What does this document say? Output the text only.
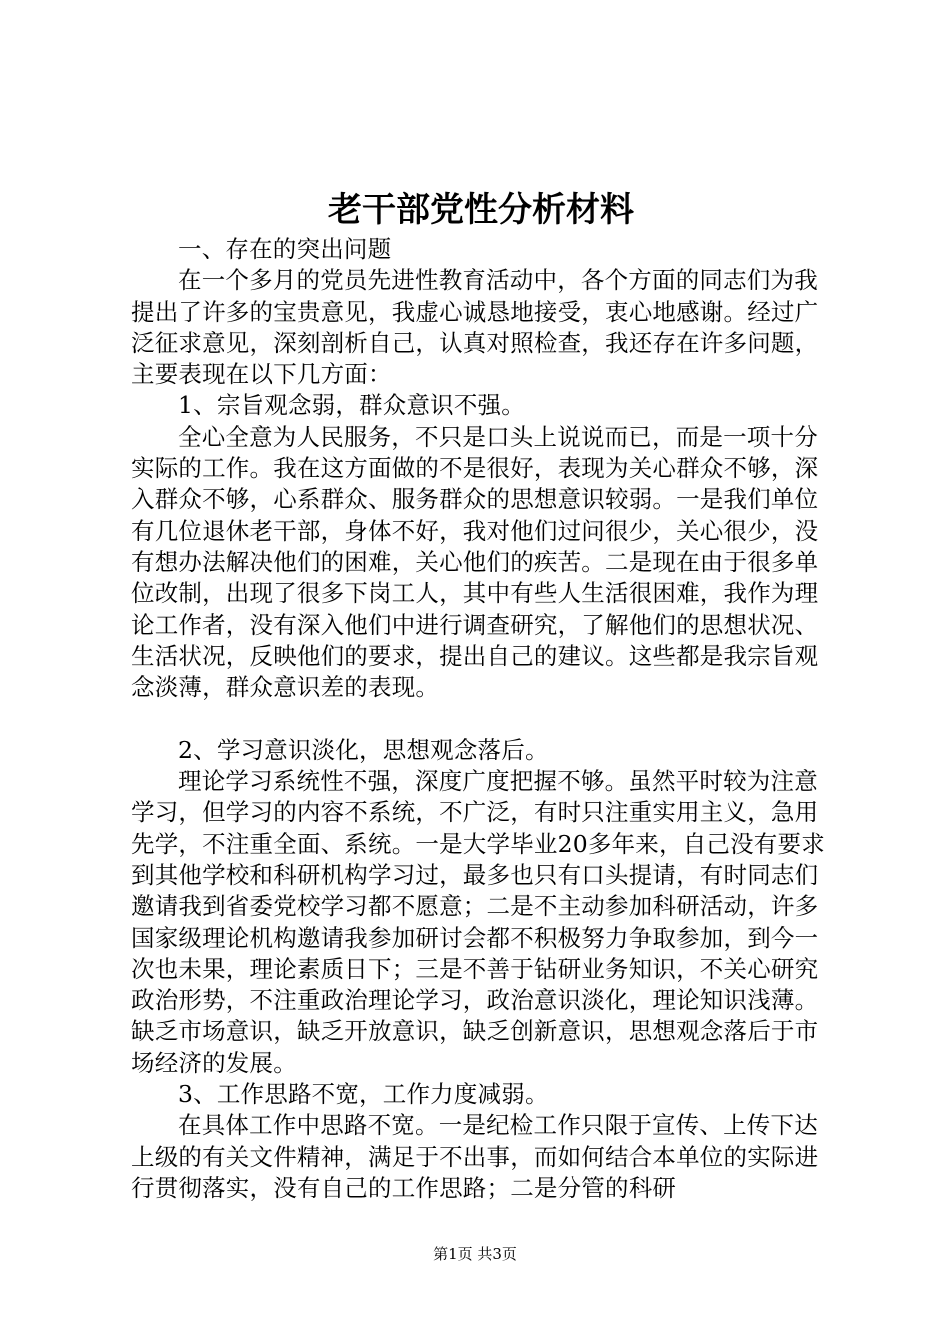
老干部党性分析材料

一、存在的突出问题

在一个多月的党员先进性教育活动中，各个方面的同志们为我提出了许多的宝贵意见，我虚心诚恳地接受，衷心地感谢。经过广泛征求意见，深刻剖析自己，认真对照检查，我还存在许多问题，主要表现在以下几方面：

1、宗旨观念弱，群众意识不强。

全心全意为人民服务，不只是口头上说说而已，而是一项十分实际的工作。我在这方面做的不是很好，表现为关心群众不够，深入群众不够，心系群众、服务群众的思想意识较弱。一是我们单位有几位退休老干部，身体不好，我对他们过问很少，关心很少，没有想办法解决他们的困难，关心他们的疾苦。二是现在由于很多单位改制，出现了很多下岗工人，其中有些人生活很困难，我作为理论工作者，没有深入他们中进行调查研究，了解他们的思想状况、生活状况，反映他们的要求，提出自己的建议。这些都是我宗旨观念淡薄，群众意识差的表现。

2、学习意识淡化，思想观念落后。

理论学习系统性不强，深度广度把握不够。虽然平时较为注意学习，但学习的内容不系统，不广泛，有时只注重实用主义，急用先学，不注重全面、系统。一是大学毕业20多年来，自己没有要求到其他学校和科研机构学习过，最多也只有口头提请，有时同志们邀请我到省委党校学习都不愿意；二是不主动参加科研活动，许多国家级理论机构邀请我参加研讨会都不积极努力争取参加，到今一次也未果，理论素质日下；三是不善于钻研业务知识，不关心研究政治形势，不注重政治理论学习，政治意识淡化，理论知识浅薄。缺乏市场意识，缺乏开放意识，缺乏创新意识，思想观念落后于市场经济的发展。

3、工作思路不宽，工作力度减弱。

在具体工作中思路不宽。一是纪检工作只限于宣传、上传下达上级的有关文件精神，满足于不出事，而如何结合本单位的实际进行贯彻落实，没有自己的工作思路；二是分管的科研

第1页 共3页
